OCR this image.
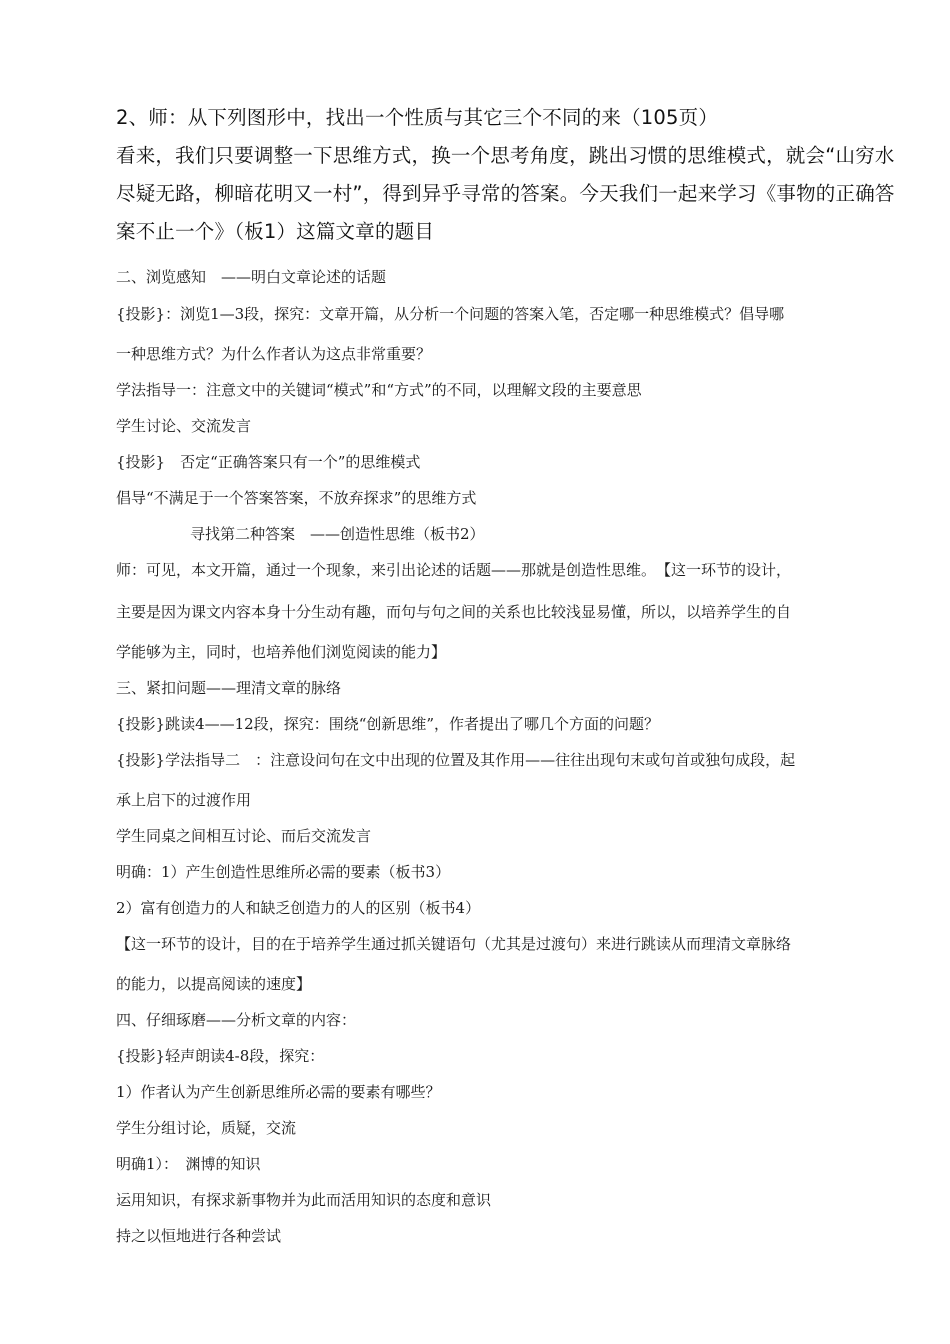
2、师：从下列图形中，找出一个性质与其它三个不同的来（105页）
看来，我们只要调整一下思维方式，换一个思考角度，跳出习惯的思维模式，就会“山穷水
尽疑无路，柳暗花明又一村”，得到异乎寻常的答案。今天我们一起来学习《事物的正确答
案不止一个》（板1）这篇文章的题目
二、浏览感知　——明白文章论述的话题
{投影}：浏览1—3段，探究：文章开篇，从分析一个问题的答案入笔，否定哪一种思维模式？倡导哪
一种思维方式？为什么作者认为这点非常重要？
学法指导一：注意文中的关键词“模式”和“方式”的不同，以理解文段的主要意思
学生讨论、交流发言
{投影}　否定“正确答案只有一个”的思维模式
倡导“不满足于一个答案答案，不放弃探求”的思维方式
寻找第二种答案　——创造性思维（板书2）
师：可见，本文开篇，通过一个现象，来引出论述的话题——那就是创造性思维。　【这一环节的设计，
主要是因为课文内容本身十分生动有趣，而句与句之间的关系也比较浅显易懂，所以，以培养学生的自
学能够为主，同时，也培养他们浏览阅读的能力】
三、紧扣问题——理清文章的脉络
{投影}跳读4——12段，探究：围绕“创新思维”，作者提出了哪几个方面的问题？
{投影}学法指导二　：注意设问句在文中出现的位置及其作用——往往出现句末或句首或独句成段，起
承上启下的过渡作用
学生同桌之间相互讨论、而后交流发言
明确：1）产生创造性思维所必需的要素（板书3）
2）富有创造力的人和缺乏创造力的人的区别（板书4）
【这一环节的设计，目的在于培养学生通过抓关键语句（尤其是过渡句）来进行跳读从而理清文章脉络
的能力，以提高阅读的速度】
四、仔细琢磨——分析文章的内容：
{投影}轻声朗读4-8段，探究：
1）作者认为产生创新思维所必需的要素有哪些？
学生分组讨论，质疑，交流
明确1）：　渊博的知识
运用知识，有探求新事物并为此而活用知识的态度和意识
持之以恒地进行各种尝试
